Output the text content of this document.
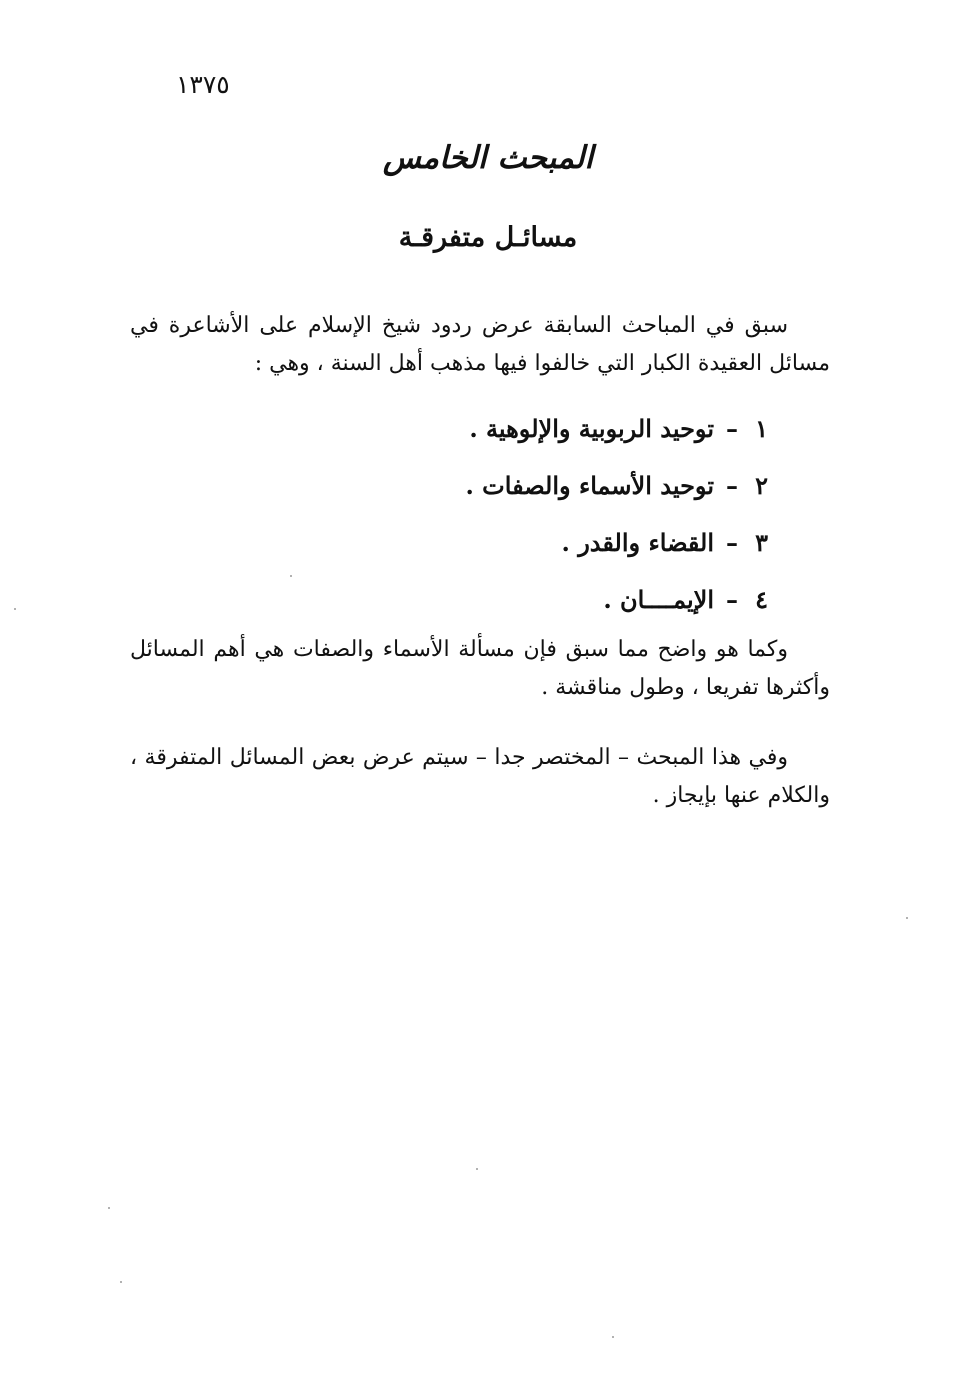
١٣٧٥
المبحث الخامس
مسائـل متفرقـة
سبق في المباحث السابقة عرض ردود شيخ الإسلام على الأشاعرة في مسائل العقيدة الكبار التي خالفوا فيها مذهب أهل السنة ، وهي :
١–توحيد الربوبية والإلوهية .
٢–توحيد الأسماء والصفات .
٣–القضاء والقدر .
٤–الإيمــــان .
وكما هو واضح مما سبق فإن مسألة الأسماء والصفات هي أهم المسائل وأكثرها تفريعا ، وطول مناقشة .
وفي هذا المبحث – المختصر جدا – سيتم عرض بعض المسائل المتفرقة ، والكلام عنها بإيجاز .
